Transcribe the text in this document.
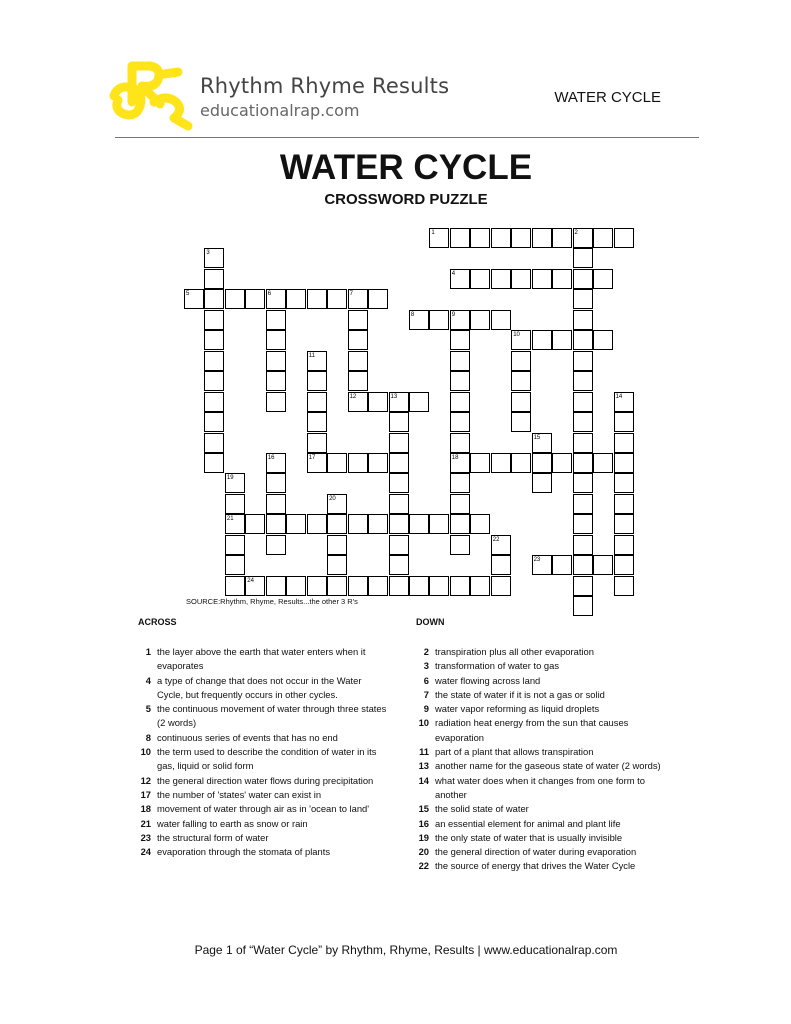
Rhythm Rhyme Results
educationalrap.com
WATER CYCLE
WATER CYCLE
CROSSWORD PUZZLE
1	2
3
4
5	6	7
8	9
10
11
12	13	14
15
16	17	18
19
20
21
22
23
24
SOURCE:Rhythm, Rhyme, Results...the other 3 R's
ACROSS	DOWN
1 the layer above the earth that water enters when it evaporates
4 a type of change that does not occur in the Water Cycle, but frequently occurs in other cycles.
5 the continuous movement of water through three states (2 words)
8 continuous series of events that has no end
10 the term used to describe the condition of water in its gas, liquid or solid form
12 the general direction water flows during precipitation
17 the number of 'states' water can exist in
18 movement of water through air as in 'ocean to land'
21 water falling to earth as snow or rain
23 the structural form of water
24 evaporation through the stomata of plants
2 transpiration plus all other evaporation
3 transformation of water to gas
6 water flowing across land
7 the state of water if it is not a gas or solid
9 water vapor reforming as liquid droplets
10 radiation heat energy from the sun that causes evaporation
11 part of a plant that allows transpiration
13 another name for the gaseous state of water (2 words)
14 what water does when it changes from one form to another
15 the solid state of water
16 an essential element for animal and plant life
19 the only state of water that is usually invisible
20 the general direction of water during evaporation
22 the source of energy that drives the Water Cycle
Page 1 of “Water Cycle” by Rhythm, Rhyme, Results | www.educationalrap.com
